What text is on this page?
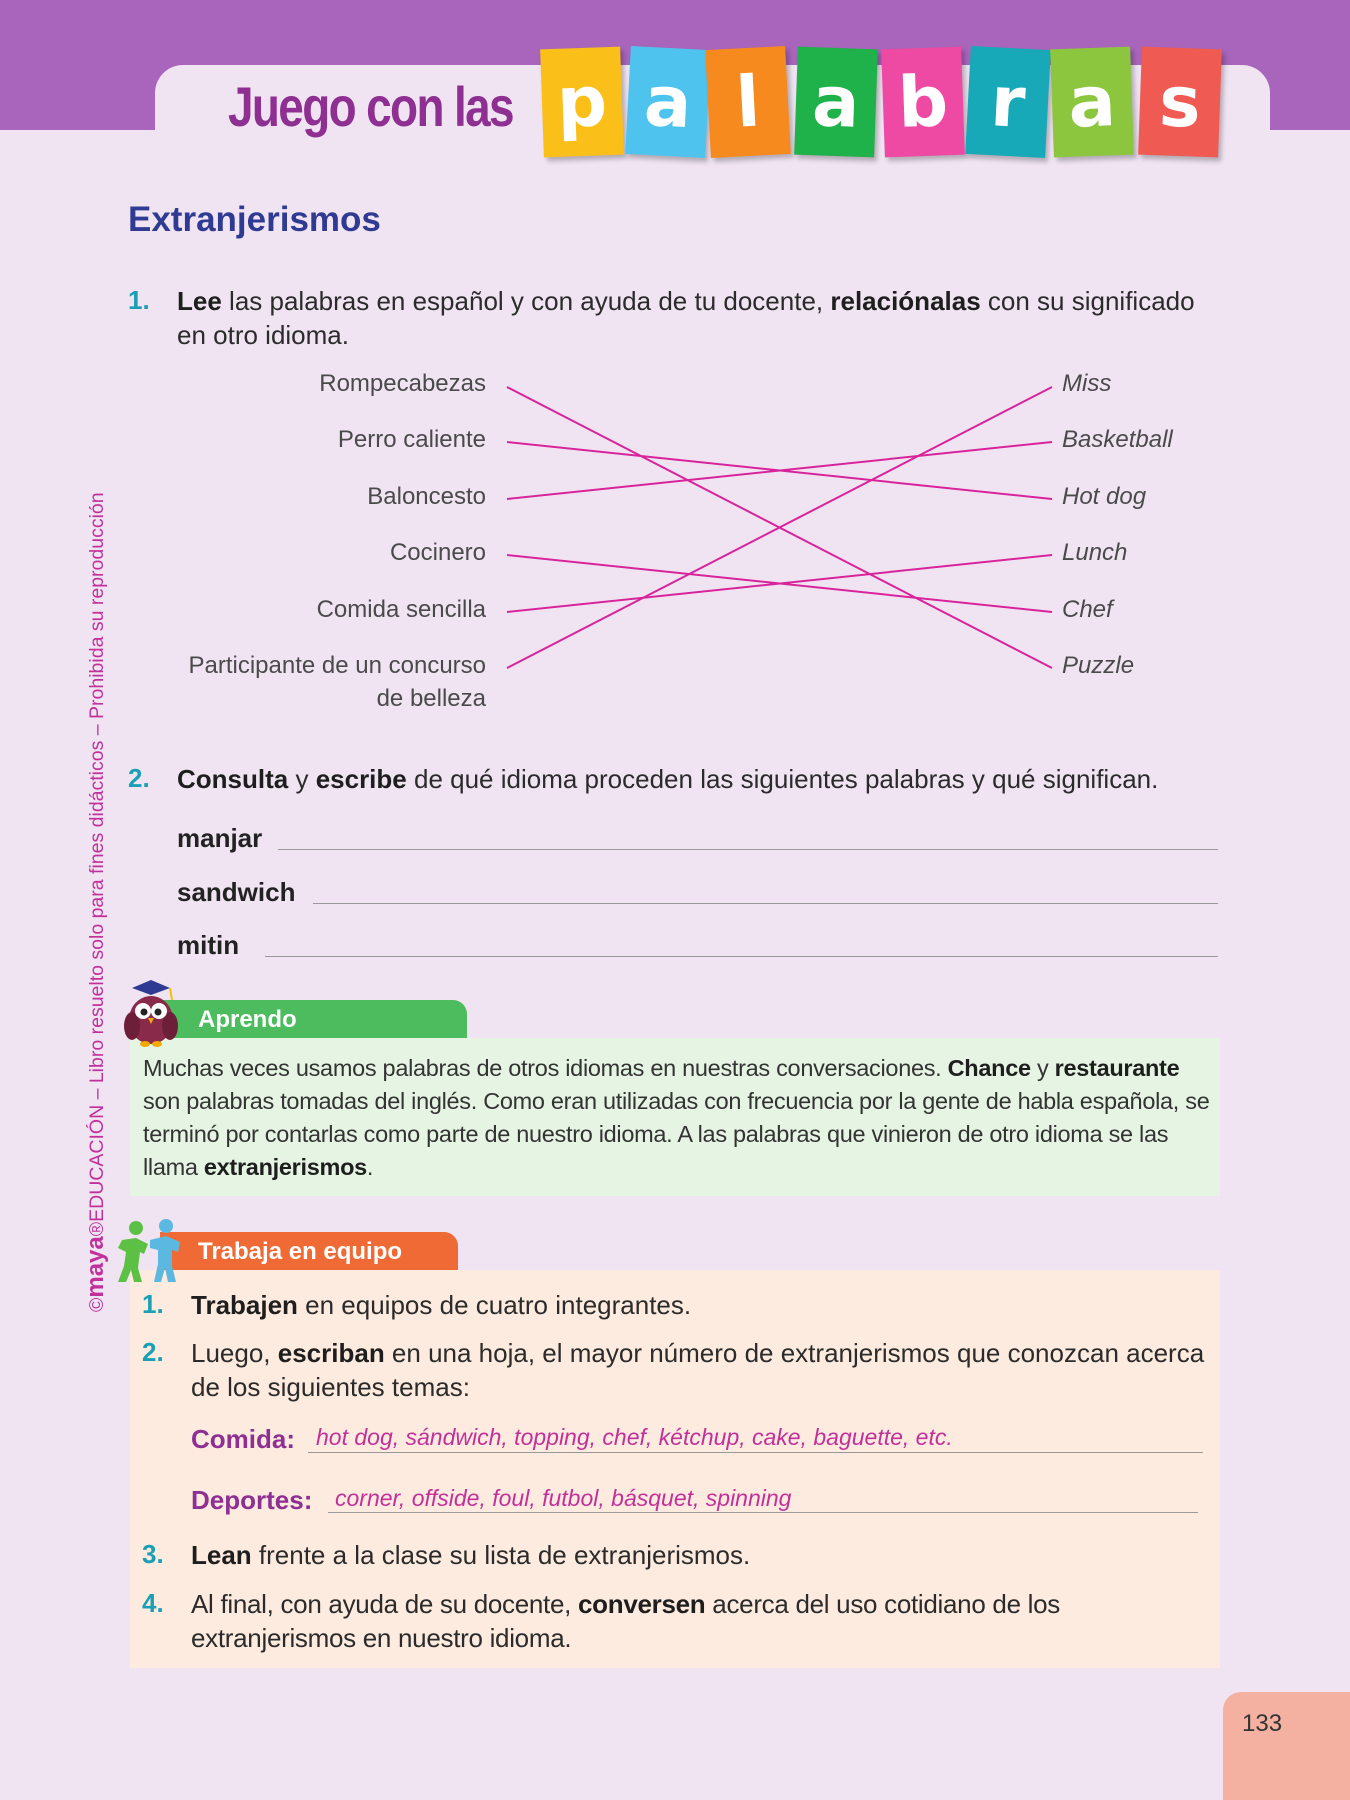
Juego con las p a l a b r a s
Extranjerismos
1. Lee las palabras en español y con ayuda de tu docente, relaciónalas con su significado en otro idioma.
Rompecabezas
Perro caliente
Baloncesto
Cocinero
Comida sencilla
Participante de un concurso
de belleza
Miss
Basketball
Hot dog
Lunch
Chef
Puzzle
2. Consulta y escribe de qué idioma proceden las siguientes palabras y qué significan.
manjar
sandwich
mitin
Aprendo
Muchas veces usamos palabras de otros idiomas en nuestras conversaciones. Chance y restaurante son palabras tomadas del inglés. Como eran utilizadas con frecuencia por la gente de habla española, se terminó por contarlas como parte de nuestro idioma. A las palabras que vinieron de otro idioma se las llama extranjerismos.
Trabaja en equipo
1. Trabajen en equipos de cuatro integrantes.
2. Luego, escriban en una hoja, el mayor número de extranjerismos que conozcan acerca de los siguientes temas:
Comida: hot dog, sándwich, topping, chef, kétchup, cake, baguette, etc.
Deportes: corner, offside, foul, futbol, básquet, spinning
3. Lean frente a la clase su lista de extranjerismos.
4. Al final, con ayuda de su docente, conversen acerca del uso cotidiano de los extranjerismos en nuestro idioma.
©maya®EDUCACIÓN – Libro resuelto solo para fines didácticos – Prohibida su reproducción
133
